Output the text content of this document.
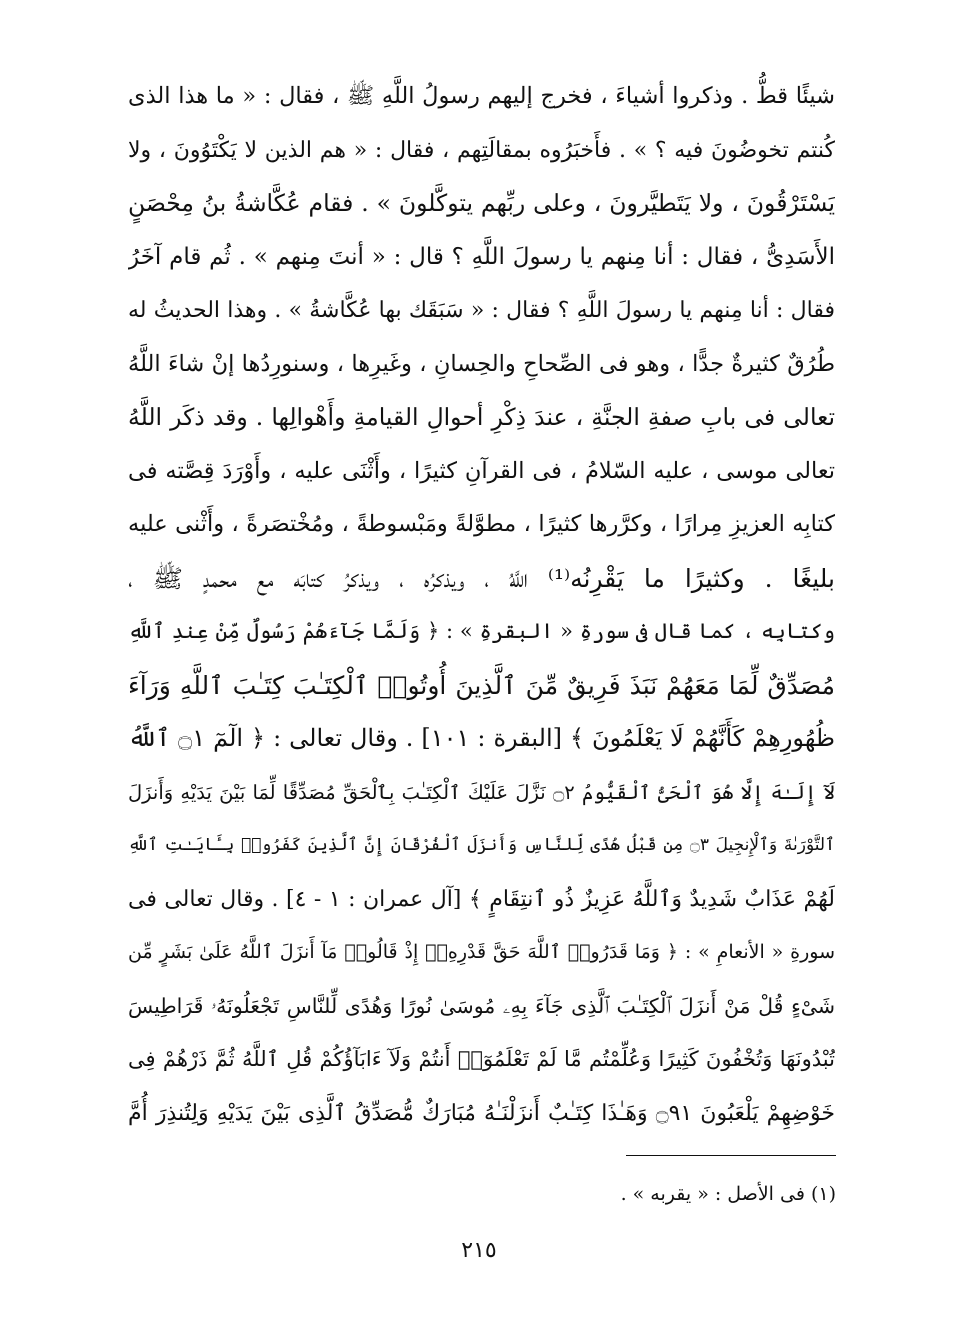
شيئًا قطُّ . وذكروا أشياءَ ، فخرج إليهم رسولُ اللَّهِ ﷺ ، فقال : « ما هذا الذى
كُنتم تخوضُونَ فيه ؟ » . فأَخبَرُوه بمقالَتِهم ، فقال : « هم الذين لا يَكْتَوُونَ ، ولا
يَسْتَرْقُونَ ، ولا يَتَطيَّرونَ ، وعلى ربِّهم يتوكَّلونَ » . فقام عُكَّاشةُ بنُ مِحْصَنٍ
الأَسَدِىُّ ، فقال : أنا مِنهم يا رسولَ اللَّهِ ؟ قال : « أنتَ مِنهم » . ثُم قام آخَرُ
فقال : أنا مِنهم يا رسولَ اللَّهِ ؟ فقال : « سَبَقَك بها عُكَّاشةُ » . وهذا الحديثُ له
طُرُقٌ كثيرةٌ جدًّا ، وهو فى الصِّحاحِ والحِسانِ ، وغَيرِها ، وسنورِدُها إنْ شاءَ اللَّهُ
تعالى فى بابِ صفةِ الجنَّةِ ، عندَ ذِكْرِ أحوالِ القيامةِ وأَهْوالِها . وقد ذكَر اللَّهُ
تعالى موسى ، عليه السّلامُ ، فى القرآنِ كثيرًا ، وأَثْنَى عليه ، وأَوْرَدَ قِصَّته فى
كتابِه العزيزِ مِرارًا ، وكرَّرها كثيرًا ، مطوَّلةً ومَبْسوطةً ، ومُخْتصَرةً ، وأَثْنى عليه
بليغًا . وكثيرًا ما يَقْرِنُه⁽¹⁾ اللَّهُ ، ويذكرُه ، ويذكرُ كتابَه مع محمدٍ ﷺ ،
وكتابِه ، كما قال فى سورةِ « البقرةِ » : ﴿ وَلَمَّا جَآءَهُمْ رَسُولٌ مِّنْ عِندِ ٱللَّهِ
مُصَدِّقٌ لِّمَا مَعَهُمْ نَبَذَ فَرِيقٌ مِّنَ ٱلَّذِينَ أُوتُوا۟ ٱلْكِتَـٰبَ كِتَـٰبَ ٱللَّهِ وَرَآءَ
ظُهُورِهِمْ كَأَنَّهُمْ لَا يَعْلَمُونَ ﴾ [البقرة : ١٠١] . وقال تعالى : ﴿ الٓمٓ ۝١ ٱللَّهُ
لَآ إِلَـٰهَ إِلَّا هُوَ ٱلْحَىُّ ٱلْقَيُّومُ ۝٢ نَزَّلَ عَلَيْكَ ٱلْكِتَـٰبَ بِٱلْحَقِّ مُصَدِّقًا لِّمَا بَيْنَ يَدَيْهِ وَأَنزَلَ
ٱلتَّوْرَىٰةَ وَٱلْإِنجِيلَ ۝٣ مِن قَبْلُ هُدًى لِّلنَّاسِ وَأَنزَلَ ٱلْفُرْقَانَ إِنَّ ٱلَّذِينَ كَفَرُوا۟ بِـَٔايَـٰتِ ٱللَّهِ
لَهُمْ عَذَابٌ شَدِيدٌ وَٱللَّهُ عَزِيزٌ ذُو ٱنتِقَامٍ ﴾ [آل عمران : ١ - ٤] . وقال تعالى فى
سورةِ « الأنعامِ » : ﴿ وَمَا قَدَرُوا۟ ٱللَّهَ حَقَّ قَدْرِهِۦٓ إِذْ قَالُوا۟ مَآ أَنزَلَ ٱللَّهُ عَلَىٰ بَشَرٍ مِّن
شَىْءٍ قُلْ مَنْ أَنزَلَ ٱلْكِتَـٰبَ ٱلَّذِى جَآءَ بِهِۦ مُوسَىٰ نُورًا وَهُدًى لِّلنَّاسِ تَجْعَلُونَهُۥ قَرَاطِيسَ
تُبْدُونَهَا وَتُخْفُونَ كَثِيرًا وَعُلِّمْتُم مَّا لَمْ تَعْلَمُوٓا۟ أَنتُمْ وَلَآ ءَابَآؤُكُمْ قُلِ ٱللَّهُ ثُمَّ ذَرْهُمْ فِى
خَوْضِهِمْ يَلْعَبُونَ ۝٩١ وَهَـٰذَا كِتَـٰبٌ أَنزَلْنَـٰهُ مُبَارَكٌ مُّصَدِّقُ ٱلَّذِى بَيْنَ يَدَيْهِ وَلِتُنذِرَ أُمَّ
(١) فى الأصل : « يقربه » .
٢١٥
